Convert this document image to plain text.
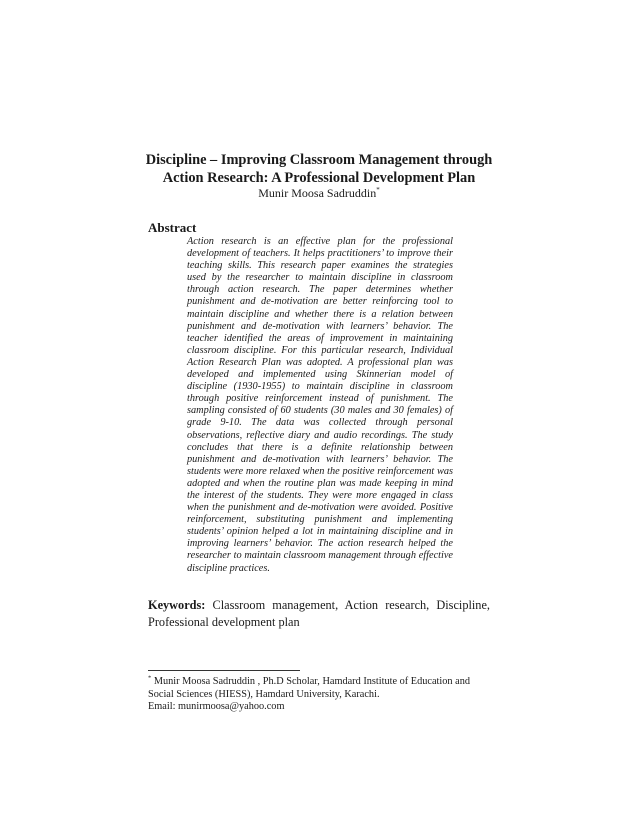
Discipline – Improving Classroom Management through
Action Research: A Professional Development Plan
Munir Moosa Sadruddin*
Abstract
Action research is an effective plan for the professional development of teachers. It helps practitioners’ to improve their teaching skills. This research paper examines the strategies used by the researcher to maintain discipline in classroom through action research. The paper determines whether punishment and de-motivation are better reinforcing tool to maintain discipline and whether there is a relation between punishment and de-motivation with learners’ behavior. The teacher identified the areas of improvement in maintaining classroom discipline. For this particular research, Individual Action Research Plan was adopted. A professional plan was developed and implemented using Skinnerian model of discipline (1930-1955) to maintain discipline in classroom through positive reinforcement instead of punishment. The sampling consisted of 60 students (30 males and 30 females) of grade 9-10. The data was collected through personal observations, reflective diary and audio recordings. The study concludes that there is a definite relationship between punishment and de-motivation with learners’ behavior. The students were more relaxed when the positive reinforcement was adopted and when the routine plan was made keeping in mind the interest of the students. They were more engaged in class when the punishment and de-motivation were avoided. Positive reinforcement, substituting punishment and implementing students’ opinion helped a lot in maintaining discipline and in improving learners’ behavior. The action research helped the researcher to maintain classroom management through effective discipline practices.
Keywords: Classroom management, Action research, Discipline, Professional development plan
* Munir Moosa Sadruddin , Ph.D Scholar, Hamdard Institute of Education and
Social Sciences (HIESS), Hamdard University, Karachi.
Email: munirmoosa@yahoo.com
